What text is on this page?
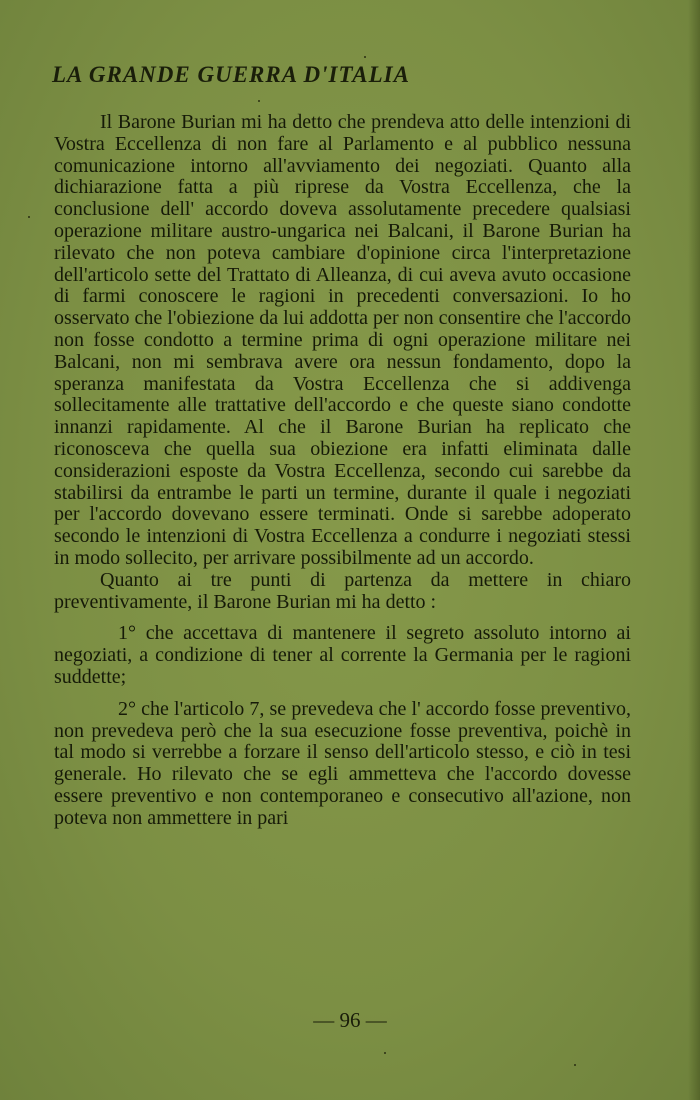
LA GRANDE GUERRA D'ITALIA

Il Barone Burian mi ha detto che prendeva atto delle intenzioni di Vostra Eccellenza di non fare al Parlamento e al pubblico nessuna comunicazione intorno all'avviamento dei negoziati. Quanto alla dichiarazione fatta a più riprese da Vostra Eccellenza, che la conclusione dell' accordo doveva assolutamente precedere qualsiasi operazione militare austro-ungarica nei Balcani, il Barone Burian ha rilevato che non poteva cambiare d'opinione circa l'interpretazione dell'articolo sette del Trattato di Alleanza, di cui aveva avuto occasione di farmi conoscere le ragioni in precedenti conversazioni. Io ho osservato che l'obiezione da lui addotta per non consentire che l'accordo non fosse condotto a termine prima di ogni operazione militare nei Balcani, non mi sembrava avere ora nessun fondamento, dopo la speranza manifestata da Vostra Eccellenza che si addivenga sollecitamente alle trattative dell'accordo e che queste siano condotte innanzi rapidamente. Al che il Barone Burian ha replicato che riconosceva che quella sua obiezione era infatti eliminata dalle considerazioni esposte da Vostra Eccellenza, secondo cui sarebbe da stabilirsi da entrambe le parti un termine, durante il quale i negoziati per l'accordo dovevano essere terminati. Onde si sarebbe adoperato secondo le intenzioni di Vostra Eccellenza a condurre i negoziati stessi in modo sollecito, per arrivare possibilmente ad un accordo.

Quanto ai tre punti di partenza da mettere in chiaro preventivamente, il Barone Burian mi ha detto :

1° che accettava di mantenere il segreto assoluto intorno ai negoziati, a condizione di tener al corrente la Germania per le ragioni suddette;

2° che l'articolo 7, se prevedeva che l' accordo fosse preventivo, non prevedeva però che la sua esecuzione fosse preventiva, poichè in tal modo si verrebbe a forzare il senso dell'articolo stesso, e ciò in tesi generale. Ho rilevato che se egli ammetteva che l'accordo dovesse essere preventivo e non contemporaneo e consecutivo all'azione, non poteva non ammettere in pari

— 96 —
